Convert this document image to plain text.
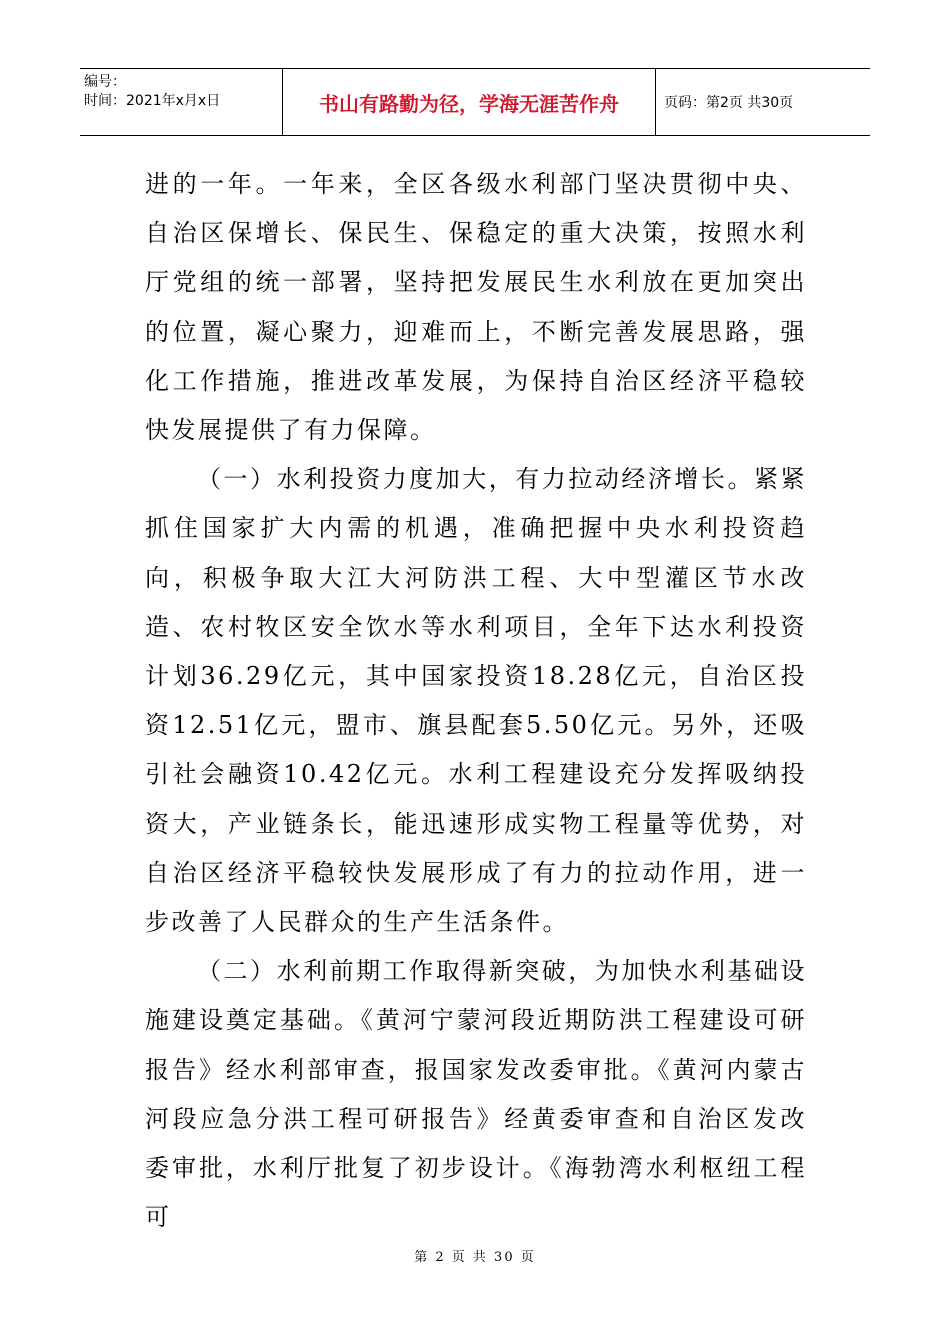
编号：
时间：2021年x月x日	书山有路勤为径，学海无涯苦作舟	页码：第2页 共30页

进的一年。一年来，全区各级水利部门坚决贯彻中央、自治区保增长、保民生、保稳定的重大决策，按照水利厅党组的统一部署，坚持把发展民生水利放在更加突出的位置，凝心聚力，迎难而上，不断完善发展思路，强化工作措施，推进改革发展，为保持自治区经济平稳较快发展提供了有力保障。

（一）水利投资力度加大，有力拉动经济增长。紧紧抓住国家扩大内需的机遇，准确把握中央水利投资趋向，积极争取大江大河防洪工程、大中型灌区节水改造、农村牧区安全饮水等水利项目，全年下达水利投资计划36.29亿元，其中国家投资18.28亿元，自治区投资12.51亿元，盟市、旗县配套5.50亿元。另外，还吸引社会融资10.42亿元。水利工程建设充分发挥吸纳投资大，产业链条长，能迅速形成实物工程量等优势，对自治区经济平稳较快发展形成了有力的拉动作用，进一步改善了人民群众的生产生活条件。

（二）水利前期工作取得新突破，为加快水利基础设施建设奠定基础。《黄河宁蒙河段近期防洪工程建设可研报告》经水利部审查，报国家发改委审批。《黄河内蒙古河段应急分洪工程可研报告》经黄委审查和自治区发改委审批，水利厅批复了初步设计。《海勃湾水利枢纽工程可

第 2 页 共 30 页
